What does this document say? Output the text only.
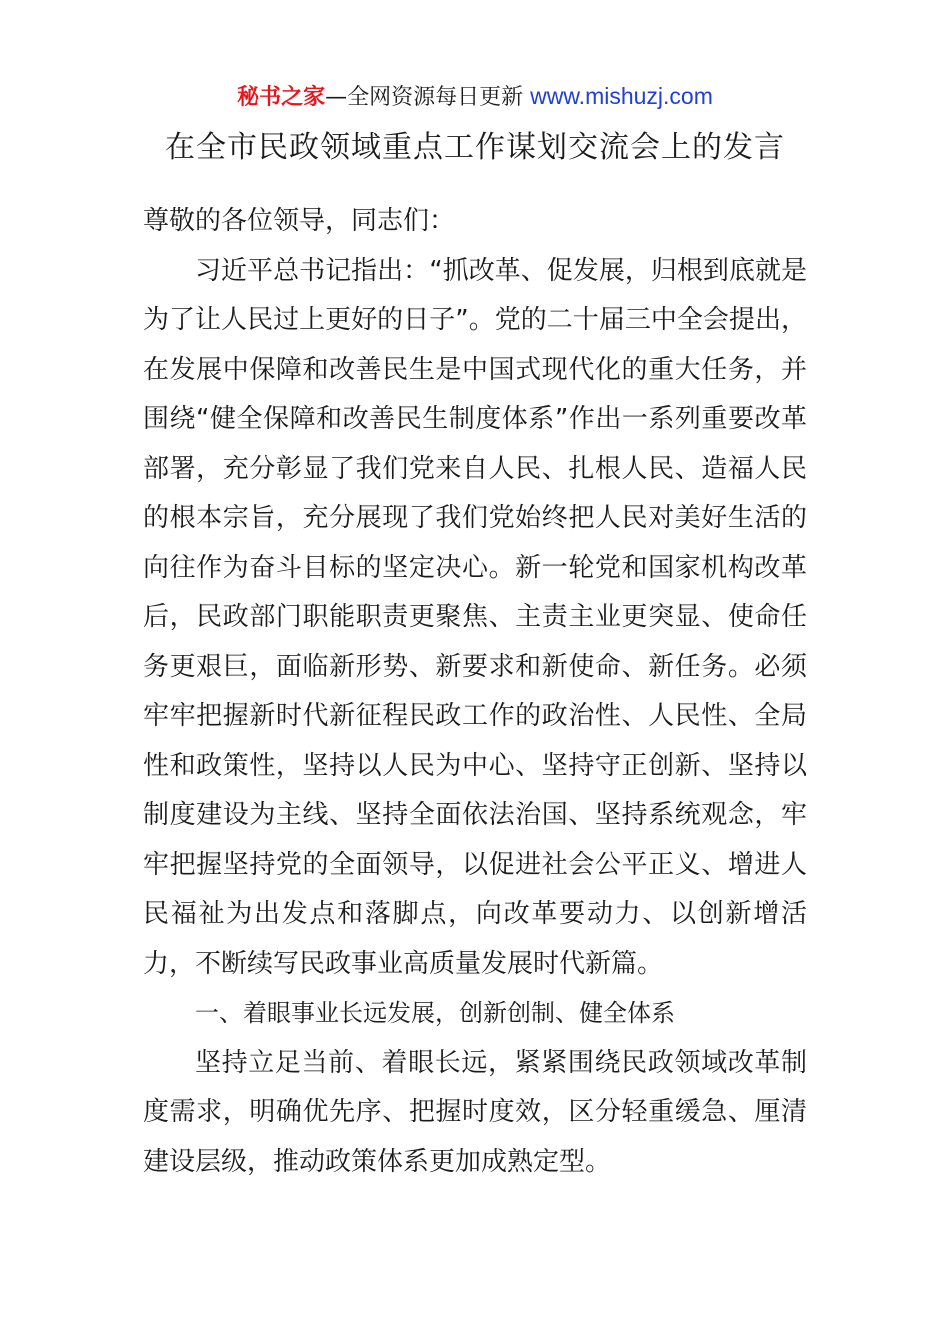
秘书之家—全网资源每日更新 www.mishuzj.com
在全市民政领域重点工作谋划交流会上的发言

尊敬的各位领导，同志们：

习近平总书记指出：“抓改革、促发展，归根到底就是为了让人民过上更好的日子”。党的二十届三中全会提出，在发展中保障和改善民生是中国式现代化的重大任务，并围绕“健全保障和改善民生制度体系”作出一系列重要改革部署，充分彰显了我们党来自人民、扎根人民、造福人民的根本宗旨，充分展现了我们党始终把人民对美好生活的向往作为奋斗目标的坚定决心。新一轮党和国家机构改革后，民政部门职能职责更聚焦、主责主业更突显、使命任务更艰巨，面临新形势、新要求和新使命、新任务。必须牢牢把握新时代新征程民政工作的政治性、人民性、全局性和政策性，坚持以人民为中心、坚持守正创新、坚持以制度建设为主线、坚持全面依法治国、坚持系统观念，牢牢把握坚持党的全面领导，以促进社会公平正义、增进人民福祉为出发点和落脚点，向改革要动力、以创新增活力，不断续写民政事业高质量发展时代新篇。

一、着眼事业长远发展，创新创制、健全体系

坚持立足当前、着眼长远，紧紧围绕民政领域改革制度需求，明确优先序、把握时度效，区分轻重缓急、厘清建设层级，推动政策体系更加成熟定型。
